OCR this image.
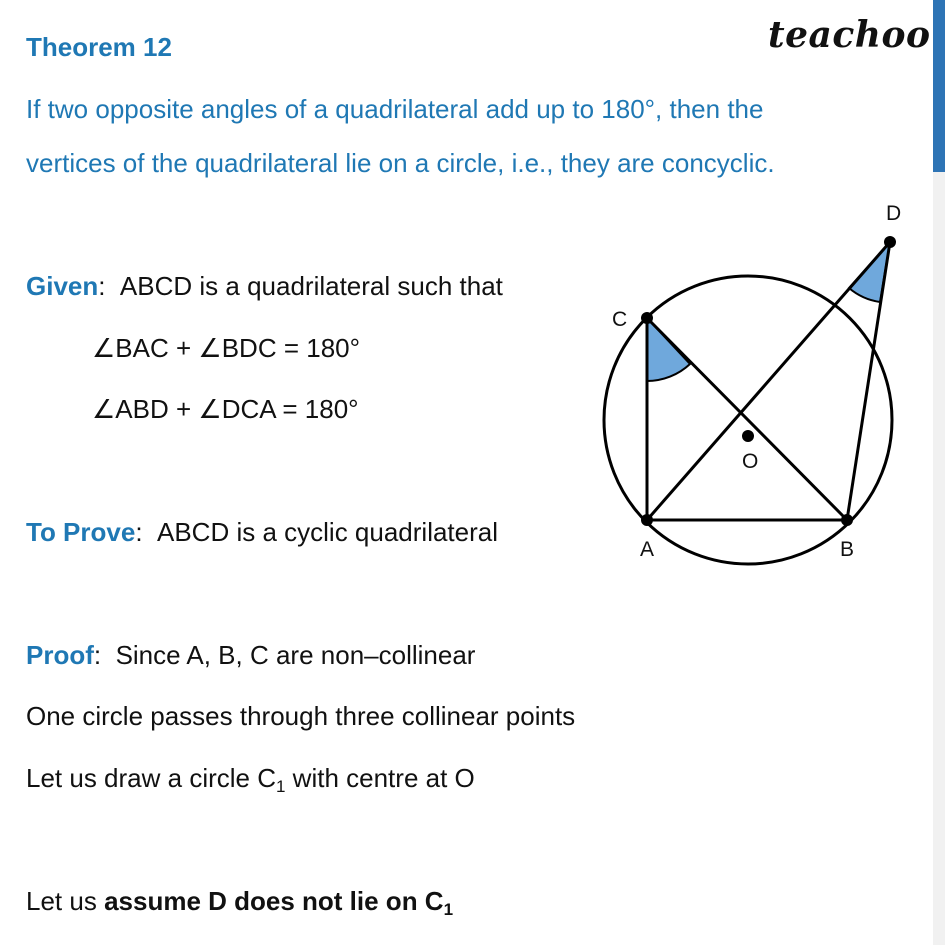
teachoo
Theorem 12
If two opposite angles of a quadrilateral add up to 180°, then the
vertices of the quadrilateral lie on a circle, i.e., they are concyclic.
Given:  ABCD is a quadrilateral such that
∠BAC + ∠BDC = 180°
∠ABD + ∠DCA = 180°
To Prove:  ABCD is a cyclic quadrilateral
Proof:  Since A, B, C are non–collinear
One circle passes through three collinear points
Let us draw a circle $C_1$ with centre at O
Let us assume D does not lie on $C_1$
A	B
C
D
O
